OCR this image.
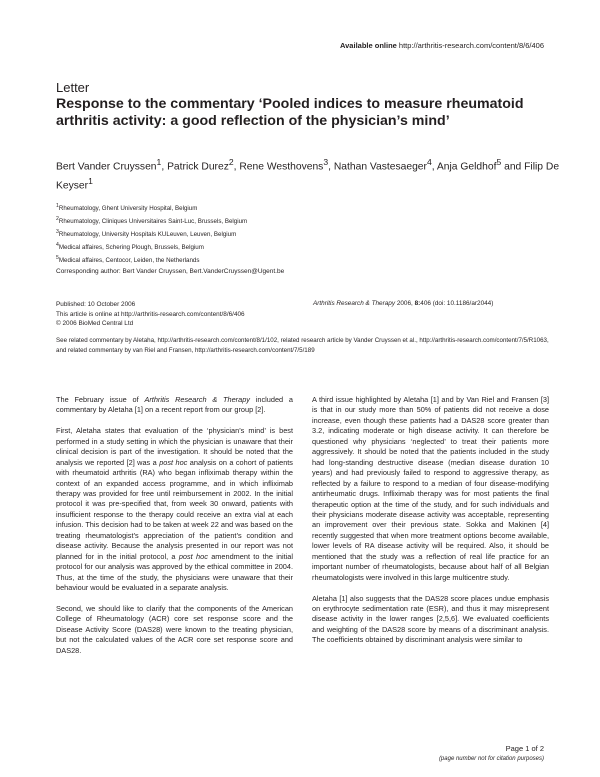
Available online http://arthritis-research.com/content/8/6/406
Letter
Response to the commentary ‘Pooled indices to measure rheumatoid arthritis activity: a good reflection of the physician’s mind’
Bert Vander Cruyssen$^1$, Patrick Durez$^2$, Rene Westhovens$^3$, Nathan Vastesaeger$^4$, Anja Geldhof$^5$ and Filip De Keyser$^1$
$^1$Rheumatology, Ghent University Hospital, Belgium
$^2$Rheumatology, Cliniques Universitaires Saint-Luc, Brussels, Belgium
$^3$Rheumatology, University Hospitals KULeuven, Leuven, Belgium
$^4$Medical affaires, Schering Plough, Brussels, Belgium
$^5$Medical affaires, Centocor, Leiden, the Netherlands
Corresponding author: Bert Vander Cruyssen, Bert.VanderCruyssen@Ugent.be
Published: 10 October 2006
This article is online at http://arthritis-research.com/content/8/6/406
© 2006 BioMed Central Ltd
Arthritis Research & Therapy 2006, 8:406 (doi: 10.1186/ar2044)
See related commentary by Aletaha, http://arthritis-research.com/content/8/1/102, related research article by Vander Cruyssen et al., http://arthritis-research.com/content/7/5/R1063, and related commentary by van Riel and Fransen, http://arthritis-research.com/content/7/5/189

The February issue of Arthritis Research & Therapy included a commentary by Aletaha [1] on a recent report from our group [2].

First, Aletaha states that evaluation of the ‘physician’s mind’ is best performed in a study setting in which the physician is unaware that their clinical decision is part of the investigation. It should be noted that the analysis we reported [2] was a post hoc analysis on a cohort of patients with rheumatoid arthritis (RA) who began infliximab therapy within the context of an expanded access programme, and in which infliximab therapy was provided for free until reimbursement in 2002. In the initial protocol it was pre-specified that, from week 30 onward, patients with insufficient response to the therapy could receive an extra vial at each infusion. This decision had to be taken at week 22 and was based on the treating rheumatologist’s appreciation of the patient’s condition and disease activity. Because the analysis presented in our report was not planned for in the initial protocol, a post hoc amendment to the initial protocol for our analysis was approved by the ethical committee in 2004. Thus, at the time of the study, the physicians were unaware that their behaviour would be evaluated in a separate analysis.

Second, we should like to clarify that the components of the American College of Rheumatology (ACR) core set response score and the Disease Activity Score (DAS28) were known to the treating physician, but not the calculated values of the ACR core set response score and DAS28.

A third issue highlighted by Aletaha [1] and by Van Riel and Fransen [3] is that in our study more than 50% of patients did not receive a dose increase, even though these patients had a DAS28 score greater than 3.2, indicating moderate or high disease activity. It can therefore be questioned why physicians ‘neglected’ to treat their patients more aggressively. It should be noted that the patients included in the study had long-standing destructive disease (median disease duration 10 years) and had previously failed to respond to aggressive therapy, as reflected by a failure to respond to a median of four disease-modifying antirheumatic drugs. Infliximab therapy was for most patients the final therapeutic option at the time of the study, and for such individuals and their physicians moderate disease activity was acceptable, representing an improvement over their previous state. Sokka and Makinen [4] recently suggested that when more treatment options become available, lower levels of RA disease activity will be required. Also, it should be mentioned that the study was a reflection of real life practice for an important number of rheumatologists, because about half of all Belgian rheumatologists were involved in this large multicentre study.

Aletaha [1] also suggests that the DAS28 score places undue emphasis on erythrocyte sedimentation rate (ESR), and thus it may misrepresent disease activity in the lower ranges [2,5,6]. We evaluated coefficients and weighting of the DAS28 score by means of a discriminant analysis. The coefficients obtained by discriminant analysis were similar to

Page 1 of 2
(page number not for citation purposes)
